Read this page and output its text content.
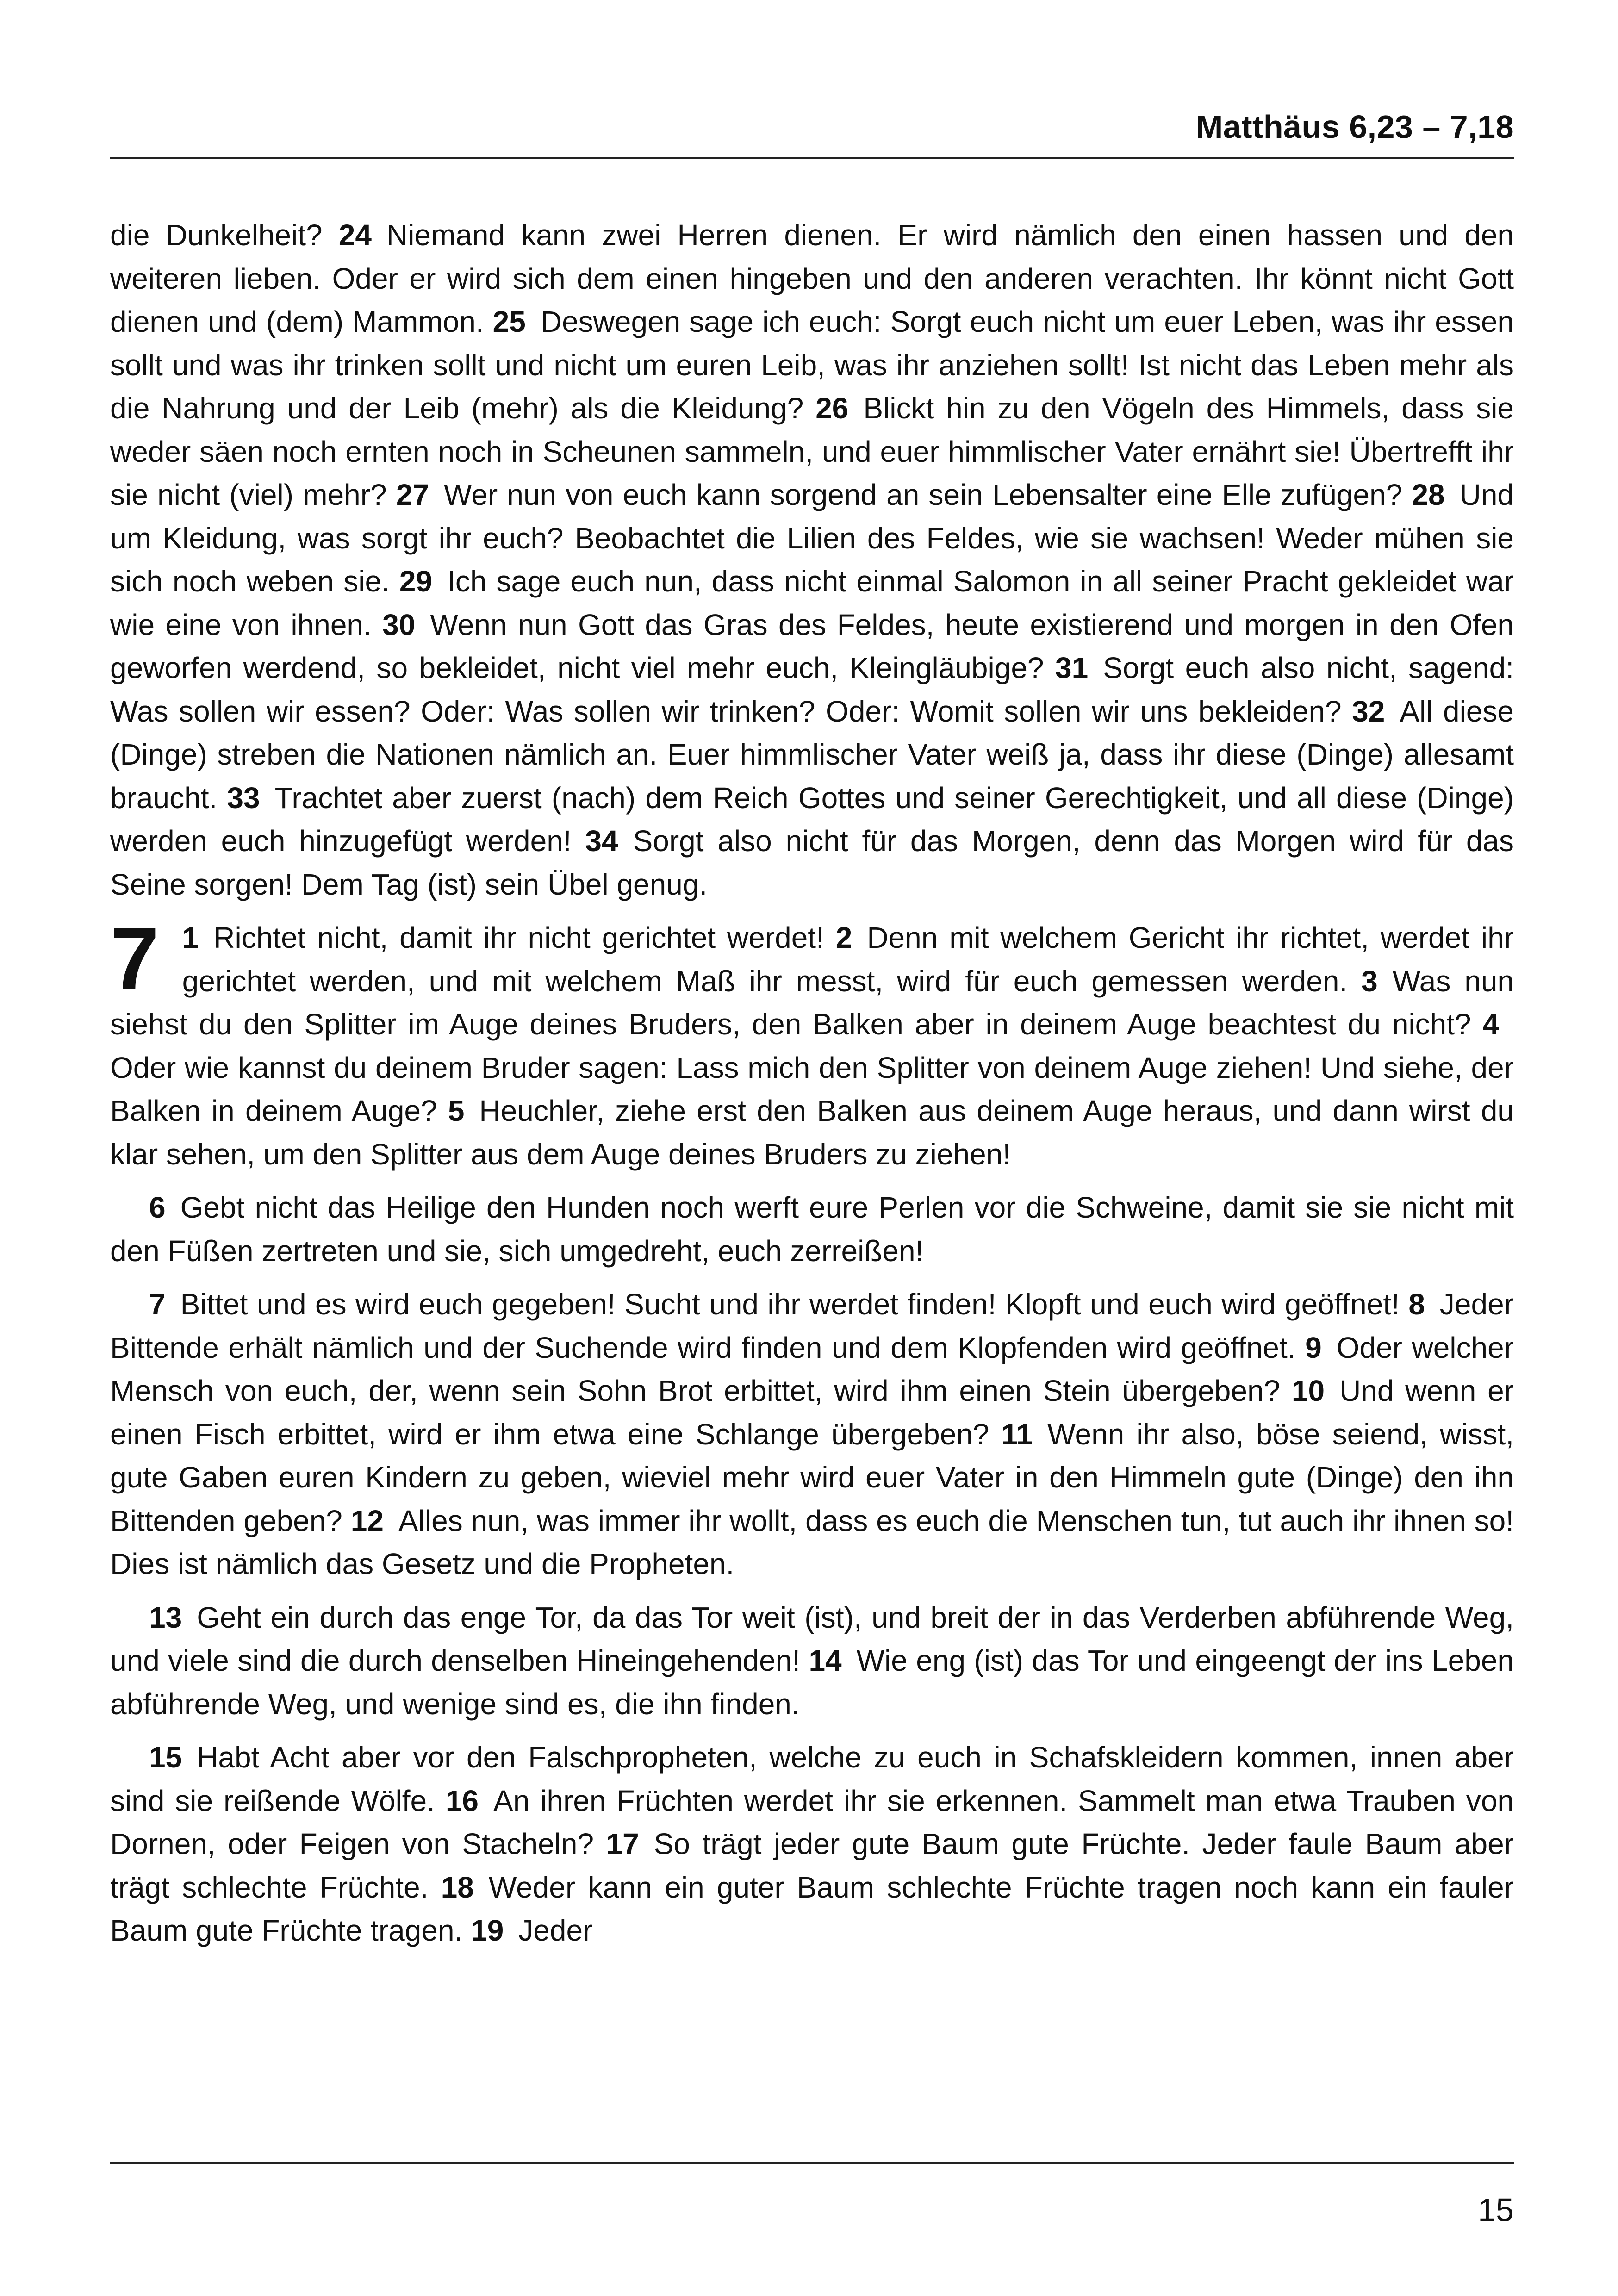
Matthäus 6,23 – 7,18

die Dunkelheit? 24  Niemand kann zwei Herren dienen. Er wird nämlich den einen hassen und den weiteren lieben. Oder er wird sich dem einen hingeben und den anderen verachten. Ihr könnt nicht Gott dienen und (dem) Mammon. 25  Deswegen sage ich euch: Sorgt euch nicht um euer Leben, was ihr essen sollt und was ihr trinken sollt und nicht um euren Leib, was ihr anziehen sollt! Ist nicht das Leben mehr als die Nahrung und der Leib (mehr) als die Kleidung? 26  Blickt hin zu den Vögeln des Himmels, dass sie weder säen noch ernten noch in Scheunen sammeln, und euer himmlischer Vater ernährt sie! Übertrefft ihr sie nicht (viel) mehr? 27  Wer nun von euch kann sorgend an sein Lebensalter eine Elle zufügen? 28  Und um Kleidung, was sorgt ihr euch? Beobachtet die Lilien des Feldes, wie sie wachsen! Weder mühen sie sich noch weben sie. 29  Ich sage euch nun, dass nicht einmal Salomon in all seiner Pracht gekleidet war wie eine von ihnen. 30  Wenn nun Gott das Gras des Feldes, heute existierend und morgen in den Ofen geworfen werdend, so bekleidet, nicht viel mehr euch, Kleingläubige? 31  Sorgt euch also nicht, sagend: Was sollen wir essen? Oder: Was sollen wir trinken? Oder: Womit sollen wir uns bekleiden? 32  All diese (Dinge) streben die Nationen nämlich an. Euer himmlischer Vater weiß ja, dass ihr diese (Dinge) allesamt braucht. 33  Trachtet aber zuerst (nach) dem Reich Gottes und seiner Gerechtigkeit, und all diese (Dinge) werden euch hinzugefügt werden! 34  Sorgt also nicht für das Morgen, denn das Morgen wird für das Seine sorgen! Dem Tag (ist) sein Übel genug.

7 1  Richtet nicht, damit ihr nicht gerichtet werdet! 2  Denn mit welchem Gericht ihr richtet, werdet ihr gerichtet werden, und mit welchem Maß ihr messt, wird für euch gemessen werden. 3  Was nun siehst du den Splitter im Auge deines Bruders, den Balken aber in deinem Auge beachtest du nicht? 4 Oder wie kannst du deinem Bruder sagen: Lass mich den Splitter von deinem Auge ziehen! Und siehe, der Balken in deinem Auge? 5  Heuchler, ziehe erst den Balken aus deinem Auge heraus, und dann wirst du klar sehen, um den Splitter aus dem Auge deines Bruders zu ziehen!

6  Gebt nicht das Heilige den Hunden noch werft eure Perlen vor die Schweine, damit sie sie nicht mit den Füßen zertreten und sie, sich umgedreht, euch zerreißen!

7  Bittet und es wird euch gegeben! Sucht und ihr werdet finden! Klopft und euch wird geöffnet! 8  Jeder Bittende erhält nämlich und der Suchende wird finden und dem Klopfenden wird geöffnet. 9  Oder welcher Mensch von euch, der, wenn sein Sohn Brot erbittet, wird ihm einen Stein übergeben? 10  Und wenn er einen Fisch erbittet, wird er ihm etwa eine Schlange übergeben? 11  Wenn ihr also, böse seiend, wisst, gute Gaben euren Kindern zu geben, wieviel mehr wird euer Vater in den Himmeln gute (Dinge) den ihn Bittenden geben? 12  Alles nun, was immer ihr wollt, dass es euch die Menschen tun, tut auch ihr ihnen so! Dies ist nämlich das Gesetz und die Propheten.

13  Geht ein durch das enge Tor, da das Tor weit (ist), und breit der in das Verderben abführende Weg, und viele sind die durch denselben Hineingehenden! 14  Wie eng (ist) das Tor und eingeengt der ins Leben abführende Weg, und wenige sind es, die ihn finden.

15  Habt Acht aber vor den Falschpropheten, welche zu euch in Schafskleidern kommen, innen aber sind sie reißende Wölfe. 16  An ihren Früchten werdet ihr sie erkennen. Sammelt man etwa Trauben von Dornen, oder Feigen von Stacheln? 17  So trägt jeder gute Baum gute Früchte. Jeder faule Baum aber trägt schlechte Früchte. 18  Weder kann ein guter Baum schlechte Früchte tragen noch kann ein fauler Baum gute Früchte tragen. 19  Jeder

15
